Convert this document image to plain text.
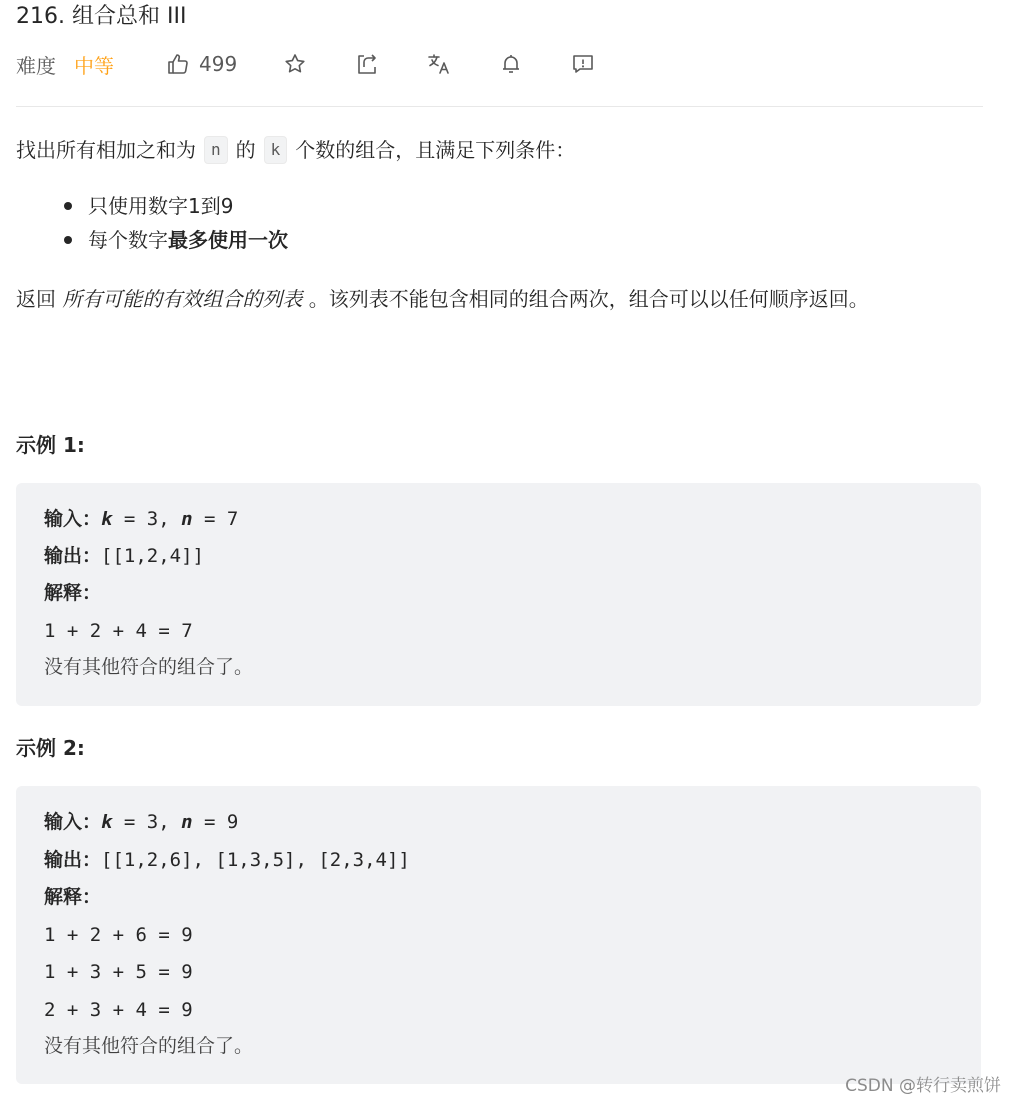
216. 组合总和 III
难度 中等	499
找出所有相加之和为 n 的 k 个数的组合，且满足下列条件：
只使用数字1到9
每个数字 最多使用一次
返回 所有可能的有效组合的列表 。该列表不能包含相同的组合两次，组合可以以任何顺序返回。
示例 1:
输入：k = 3, n = 7
输出：[[1,2,4]]
解释：
1 + 2 + 4 = 7
没有其他符合的组合了。
示例 2:
输入：k = 3, n = 9
输出：[[1,2,6], [1,3,5], [2,3,4]]
解释：
1 + 2 + 6 = 9
1 + 3 + 5 = 9
2 + 3 + 4 = 9
没有其他符合的组合了。
CSDN @转行卖煎饼
